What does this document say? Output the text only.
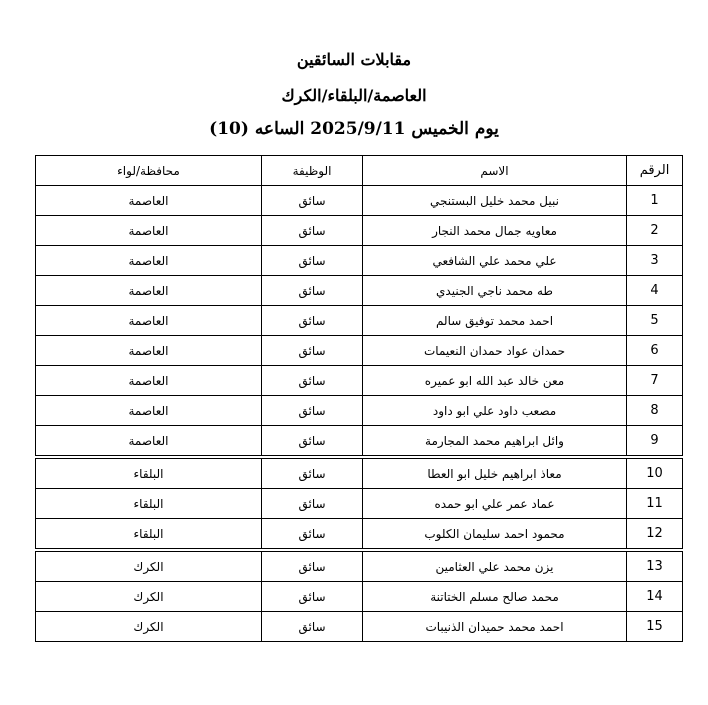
مقابلات السائقين

العاصمة/البلقاء/الكرك

يوم الخميس 2025/9/11 الساعه (10)

الرقم	الاسم	الوظيفة	محافظة/لواء
1	نبيل محمد خليل البستنجي	سائق	العاصمة
2	معاويه جمال محمد النجار	سائق	العاصمة
3	علي محمد علي الشافعي	سائق	العاصمة
4	طه محمد ناجي الجنيدي	سائق	العاصمة
5	احمد محمد توفيق سالم	سائق	العاصمة
6	حمدان عواد حمدان النعيمات	سائق	العاصمة
7	معن خالد عبد الله ابو عميره	سائق	العاصمة
8	مصعب داود علي ابو داود	سائق	العاصمة
9	وائل ابراهيم محمد المجارمة	سائق	العاصمة
10	معاذ ابراهيم خليل ابو العطا	سائق	البلقاء
11	عماد عمر علي ابو حمده	سائق	البلقاء
12	محمود احمد سليمان الكلوب	سائق	البلقاء
13	يزن محمد علي العثامين	سائق	الكرك
14	محمد صالح مسلم الختاتنة	سائق	الكرك
15	احمد محمد حميدان الذنيبات	سائق	الكرك
